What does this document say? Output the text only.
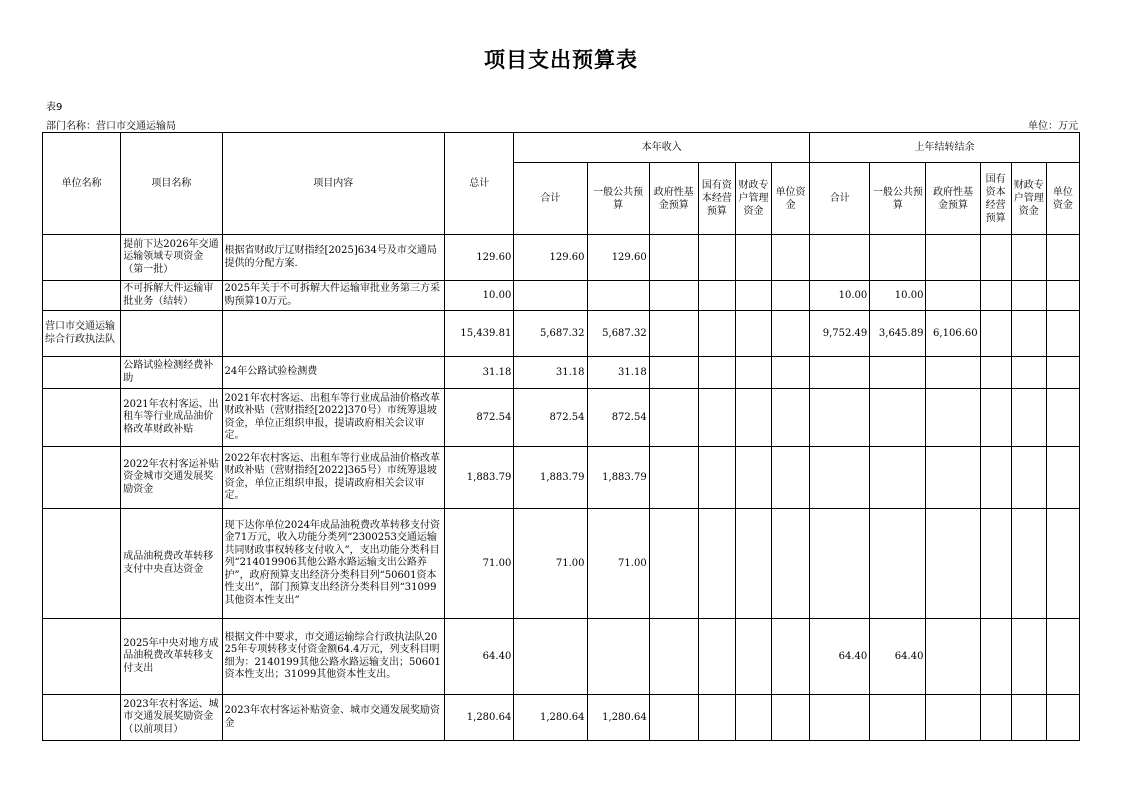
项目支出预算表
表9
部门名称：营口市交通运输局	单位：万元
单位名称	项目名称	项目内容	总计	本年收入						上年结转结余					
				合计	一般公共预算	政府性基金预算	国有资本经营预算	财政专户管理资金	单位资金	合计	一般公共预算	政府性基金预算	国有资本经营预算	财政专户管理资金	单位资金
	提前下达2026年交通运输领域专项资金（第一批）	根据省财政厅辽财指经[2025]634号及市交通局提供的分配方案.	129.60	129.60	129.60										
	不可拆解大件运输审批业务（结转）	2025年关于不可拆解大件运输审批业务第三方采购预算10万元。	10.00							10.00	10.00				
营口市交通运输综合行政执法队			15,439.81	5,687.32	5,687.32					9,752.49	3,645.89	6,106.60			
	公路试验检测经费补助	24年公路试验检测费	31.18	31.18	31.18										
	2021年农村客运、出租车等行业成品油价格改革财政补贴	2021年农村客运、出租车等行业成品油价格改革财政补贴（营财指经[2022]370号）市统筹退坡资金，单位正组织申报，提请政府相关会议审定。	872.54	872.54	872.54										
	2022年农村客运补贴资金城市交通发展奖励资金	2022年农村客运、出租车等行业成品油价格改革财政补贴（营财指经[2022]365号）市统筹退坡资金，单位正组织申报，提请政府相关会议审定。	1,883.79	1,883.79	1,883.79										
	成品油税费改革转移支付中央直达资金	现下达你单位2024年成品油税费改革转移支付资金71万元，收入功能分类列“2300253交通运输共同财政事权转移支付收入”，支出功能分类科目列“214019906其他公路水路运输支出公路养护”，政府预算支出经济分类科目列“50601资本性支出”，部门预算支出经济分类科目列“31099其他资本性支出”	71.00	71.00	71.00										
	2025年中央对地方成品油税费改革转移支付支出	根据文件中要求，市交通运输综合行政执法队2025年专项转移支付资金额64.4万元，列支科目明细为：2140199其他公路水路运输支出；50601资本性支出；31099其他资本性支出。	64.40							64.40	64.40				
	2023年农村客运、城市交通发展奖励资金（以前项目）	2023年农村客运补贴资金、城市交通发展奖励资金	1,280.64	1,280.64	1,280.64										
